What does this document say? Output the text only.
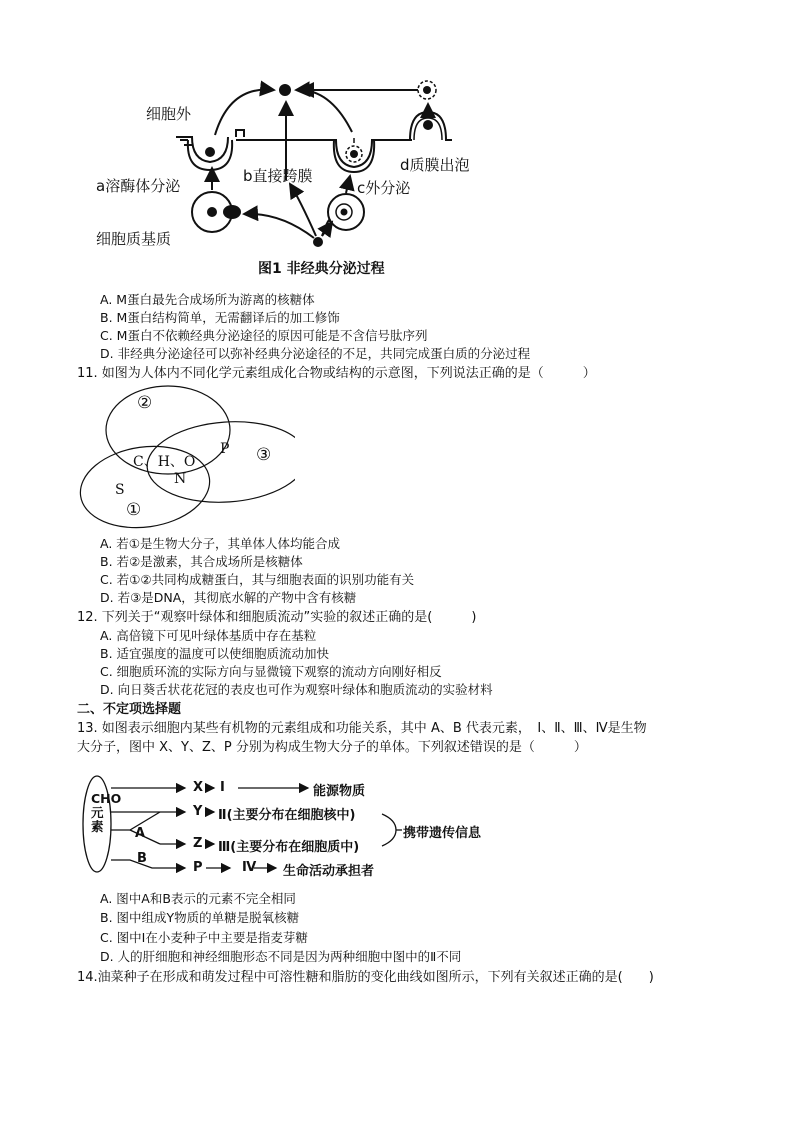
细胞外
a溶酶体分泌
b直接跨膜
c外分泌
d质膜出泡
细胞质基质
图1 非经典分泌过程
A. M蛋白最先合成场所为游离的核糖体
B. M蛋白结构简单，无需翻译后的加工修饰
C. M蛋白不依赖经典分泌途径的原因可能是不含信号肽序列
D. 非经典分泌途径可以弥补经典分泌途径的不足，共同完成蛋白质的分泌过程
11. 如图为人体内不同化学元素组成化合物或结构的示意图，下列说法正确的是（　　　）
②
③
①
C、H、O
N
P
S
A. 若①是生物大分子，其单体人体均能合成
B. 若②是激素，其合成场所是核糖体
C. 若①②共同构成糖蛋白，其与细胞表面的识别功能有关
D. 若③是DNA，其彻底水解的产物中含有核糖
12. 下列关于“观察叶绿体和细胞质流动”实验的叙述正确的是(　　　)
A. 高倍镜下可见叶绿体基质中存在基粒
B. 适宜强度的温度可以使细胞质流动加快
C. 细胞质环流的实际方向与显微镜下观察的流动方向刚好相反
D. 向日葵舌状花花冠的表皮也可作为观察叶绿体和胞质流动的实验材料
二、不定项选择题
13. 如图表示细胞内某些有机物的元素组成和功能关系，其中 A、B 代表元素，　Ⅰ、Ⅱ、Ⅲ、Ⅳ是生物
大分子，图中 X、Y、Z、P 分别为构成生物大分子的单体。下列叙述错误的是（　　　）
CHO元素
X Ⅰ	能源物质
Y Ⅱ(主要分布在细胞核中)
A
Z Ⅲ(主要分布在细胞质中)
携带遗传信息
B
P	Ⅳ 生命活动承担者
A. 图中A和B表示的元素不完全相同
B. 图中组成Y物质的单糖是脱氧核糖
C. 图中Ⅰ在小麦种子中主要是指麦芽糖
D. 人的肝细胞和神经细胞形态不同是因为两种细胞中图中的Ⅱ不同
14.油菜种子在形成和萌发过程中可溶性糖和脂肪的变化曲线如图所示，下列有关叙述正确的是(　　)
